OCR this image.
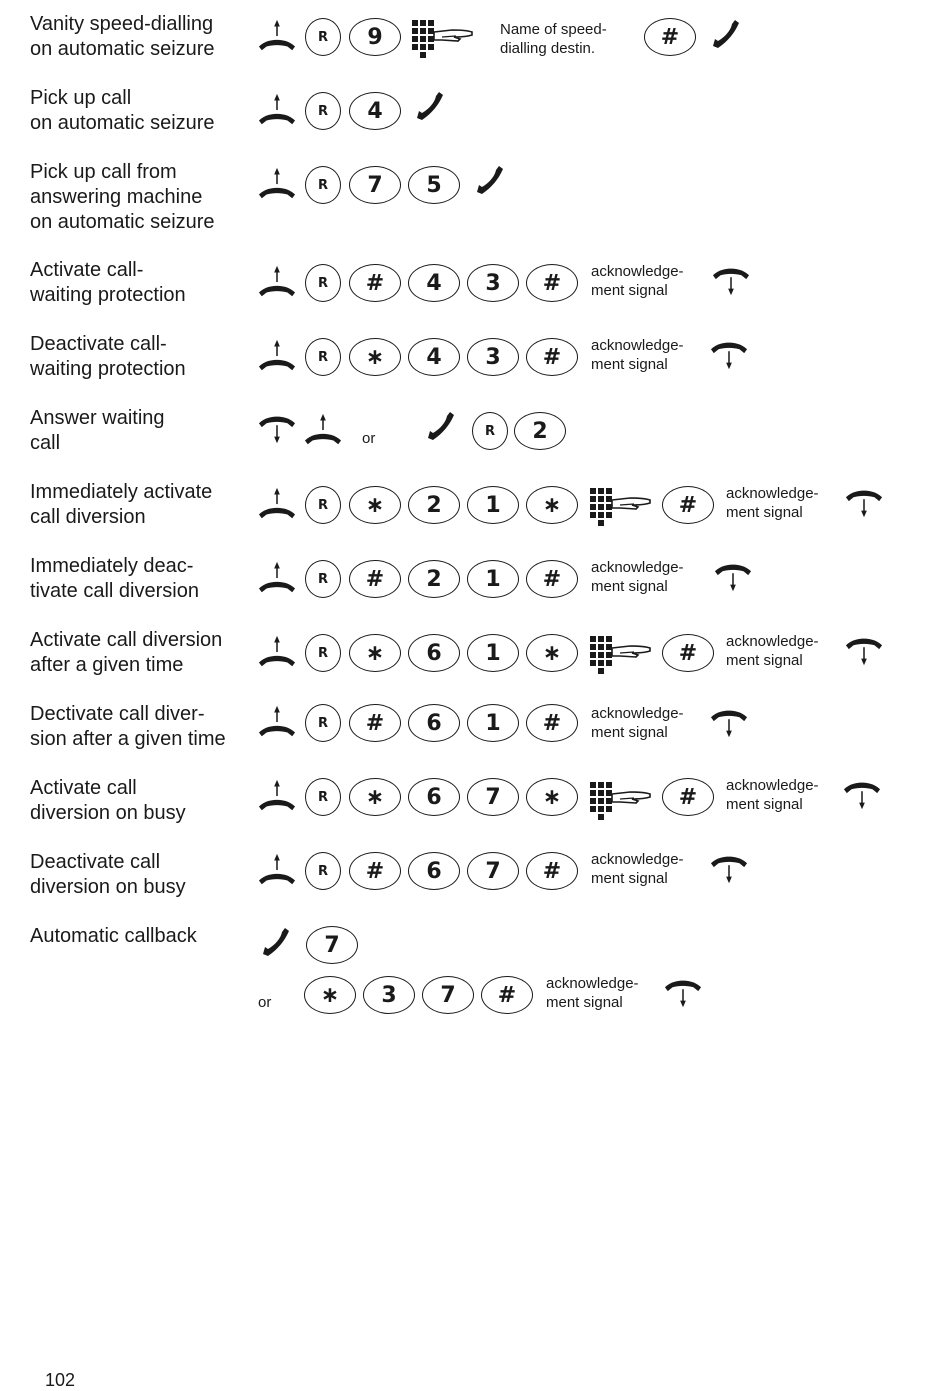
Vanity speed-dialling
on automatic seizure
R	9	Name of speed-
dialling destin.	#
Pick up call
on automatic seizure
R	4
Pick up call from
answering machine
on automatic seizure
R	7	5
Activate call-
waiting protection
R	#	4	3	#	acknowledge-
ment signal
Deactivate call-
waiting protection
R	∗	4	3	#	acknowledge-
ment signal
Answer waiting
call	or	R	2
Immediately activate
call diversion
R	∗	2	1	∗	#	acknowledge-
ment signal
Immediately deac-
tivate call diversion
R	#	2	1	#	acknowledge-
ment signal
Activate call diversion
after a given time
R	∗	6	1	∗	#	acknowledge-
ment signal
Dectivate call diver-
sion after a given time
R	#	6	1	#	acknowledge-
ment signal
Activate call
diversion on busy
R	∗	6	7	∗	#	acknowledge-
ment signal
Deactivate call
diversion on busy
R	#	6	7	#	acknowledge-
ment signal
Automatic callback	7
or	∗	3	7	#	acknowledge-
ment signal
102
